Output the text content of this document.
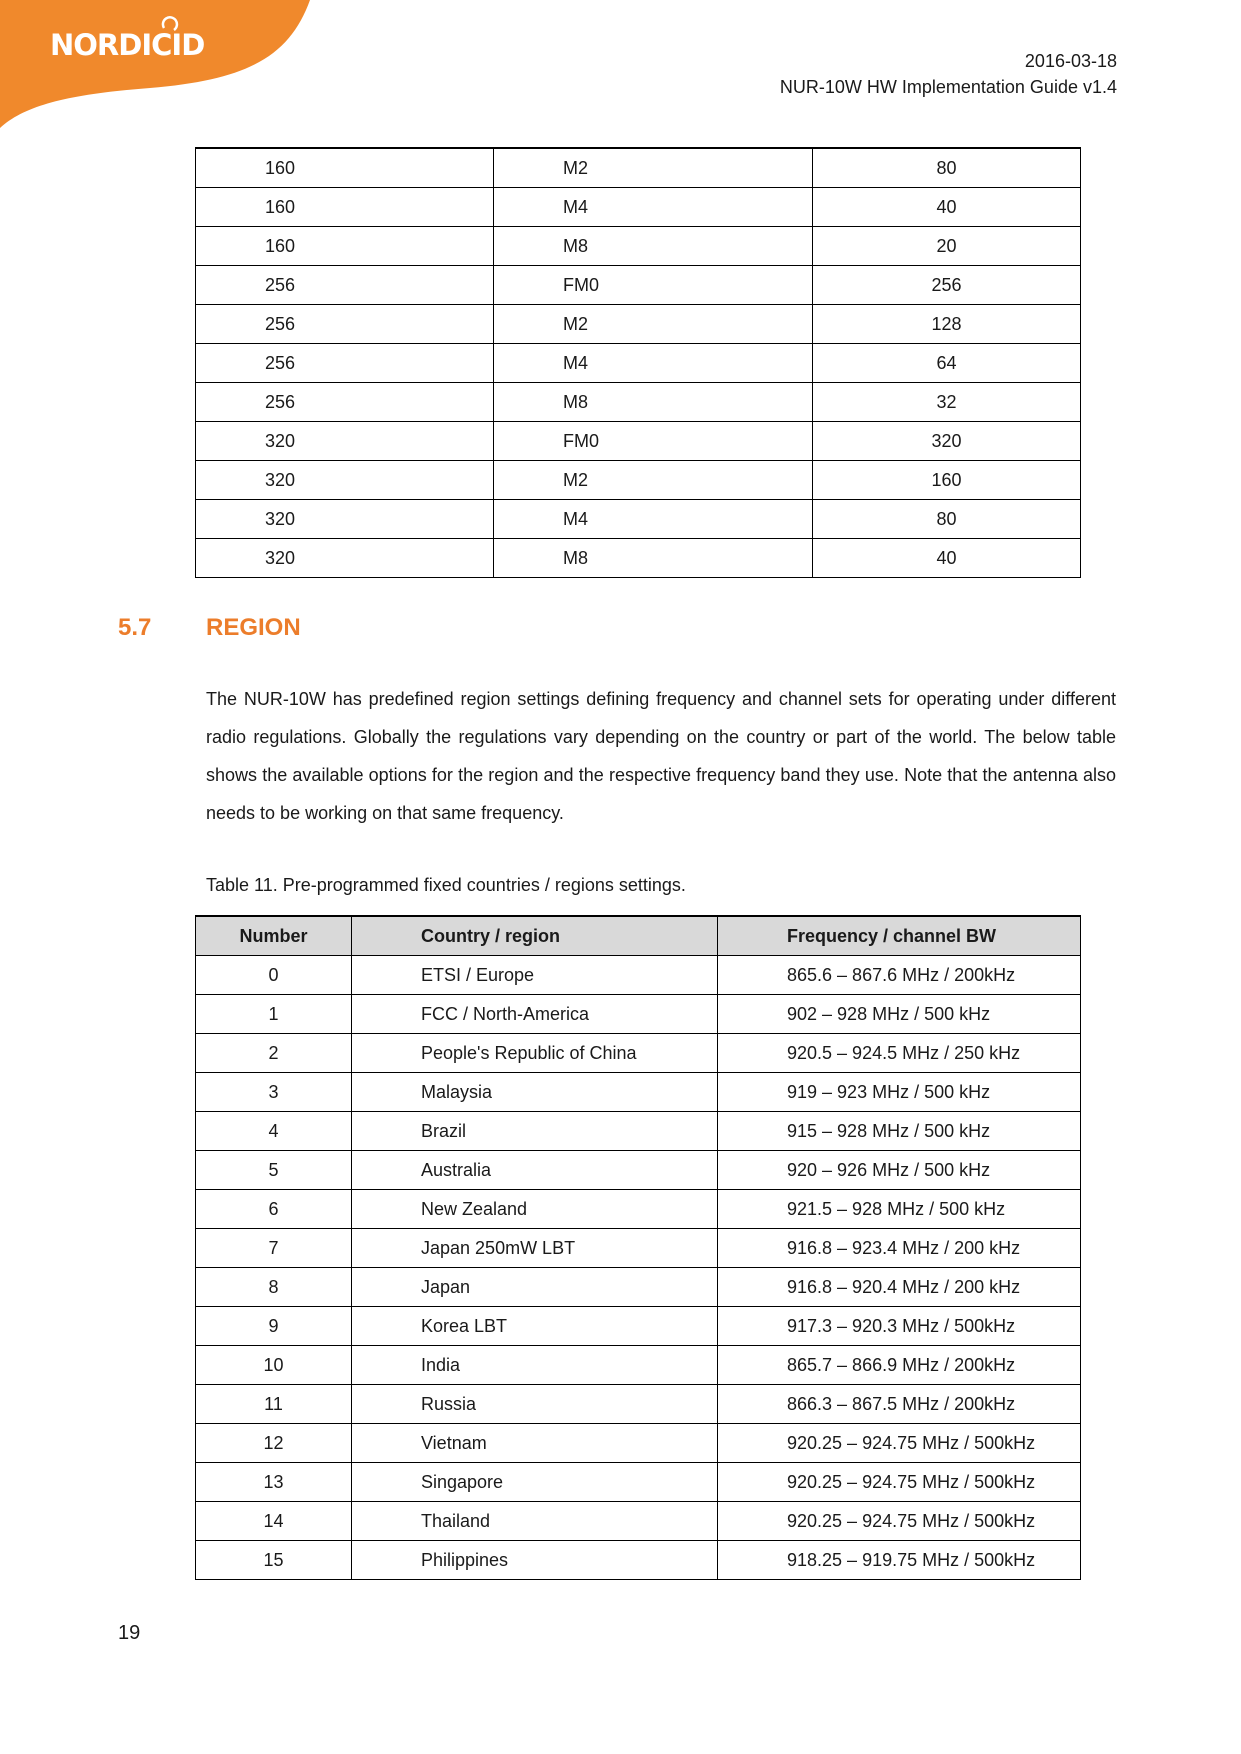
NORDICID	2016-03-18
NUR-10W HW Implementation Guide v1.4
160	M2	80
160	M4	40
160	M8	20
256	FM0	256
256	M2	128
256	M4	64
256	M8	32
320	FM0	320
320	M2	160
320	M4	80
320	M8	40
5.7 REGION
The NUR-10W has predefined region settings defining frequency and channel sets for operating under different radio regulations. Globally the regulations vary depending on the country or part of the world. The below table shows the available options for the region and the respective frequency band they use. Note that the antenna also needs to be working on that same frequency.
Table 11. Pre-programmed fixed countries / regions settings.
Number	Country / region	Frequency / channel BW
0	ETSI / Europe	865.6 – 867.6 MHz / 200kHz
1	FCC / North-America	902 – 928 MHz / 500 kHz
2	People's Republic of China	920.5 – 924.5 MHz / 250 kHz
3	Malaysia	919 – 923 MHz / 500 kHz
4	Brazil	915 – 928 MHz / 500 kHz
5	Australia	920 – 926 MHz / 500 kHz
6	New Zealand	921.5 – 928 MHz / 500 kHz
7	Japan 250mW LBT	916.8 – 923.4 MHz / 200 kHz
8	Japan	916.8 – 920.4 MHz / 200 kHz
9	Korea LBT	917.3 – 920.3 MHz / 500kHz
10	India	865.7 – 866.9 MHz / 200kHz
11	Russia	866.3 – 867.5 MHz / 200kHz
12	Vietnam	920.25 – 924.75 MHz / 500kHz
13	Singapore	920.25 – 924.75 MHz / 500kHz
14	Thailand	920.25 – 924.75 MHz / 500kHz
15	Philippines	918.25 – 919.75 MHz / 500kHz
19
